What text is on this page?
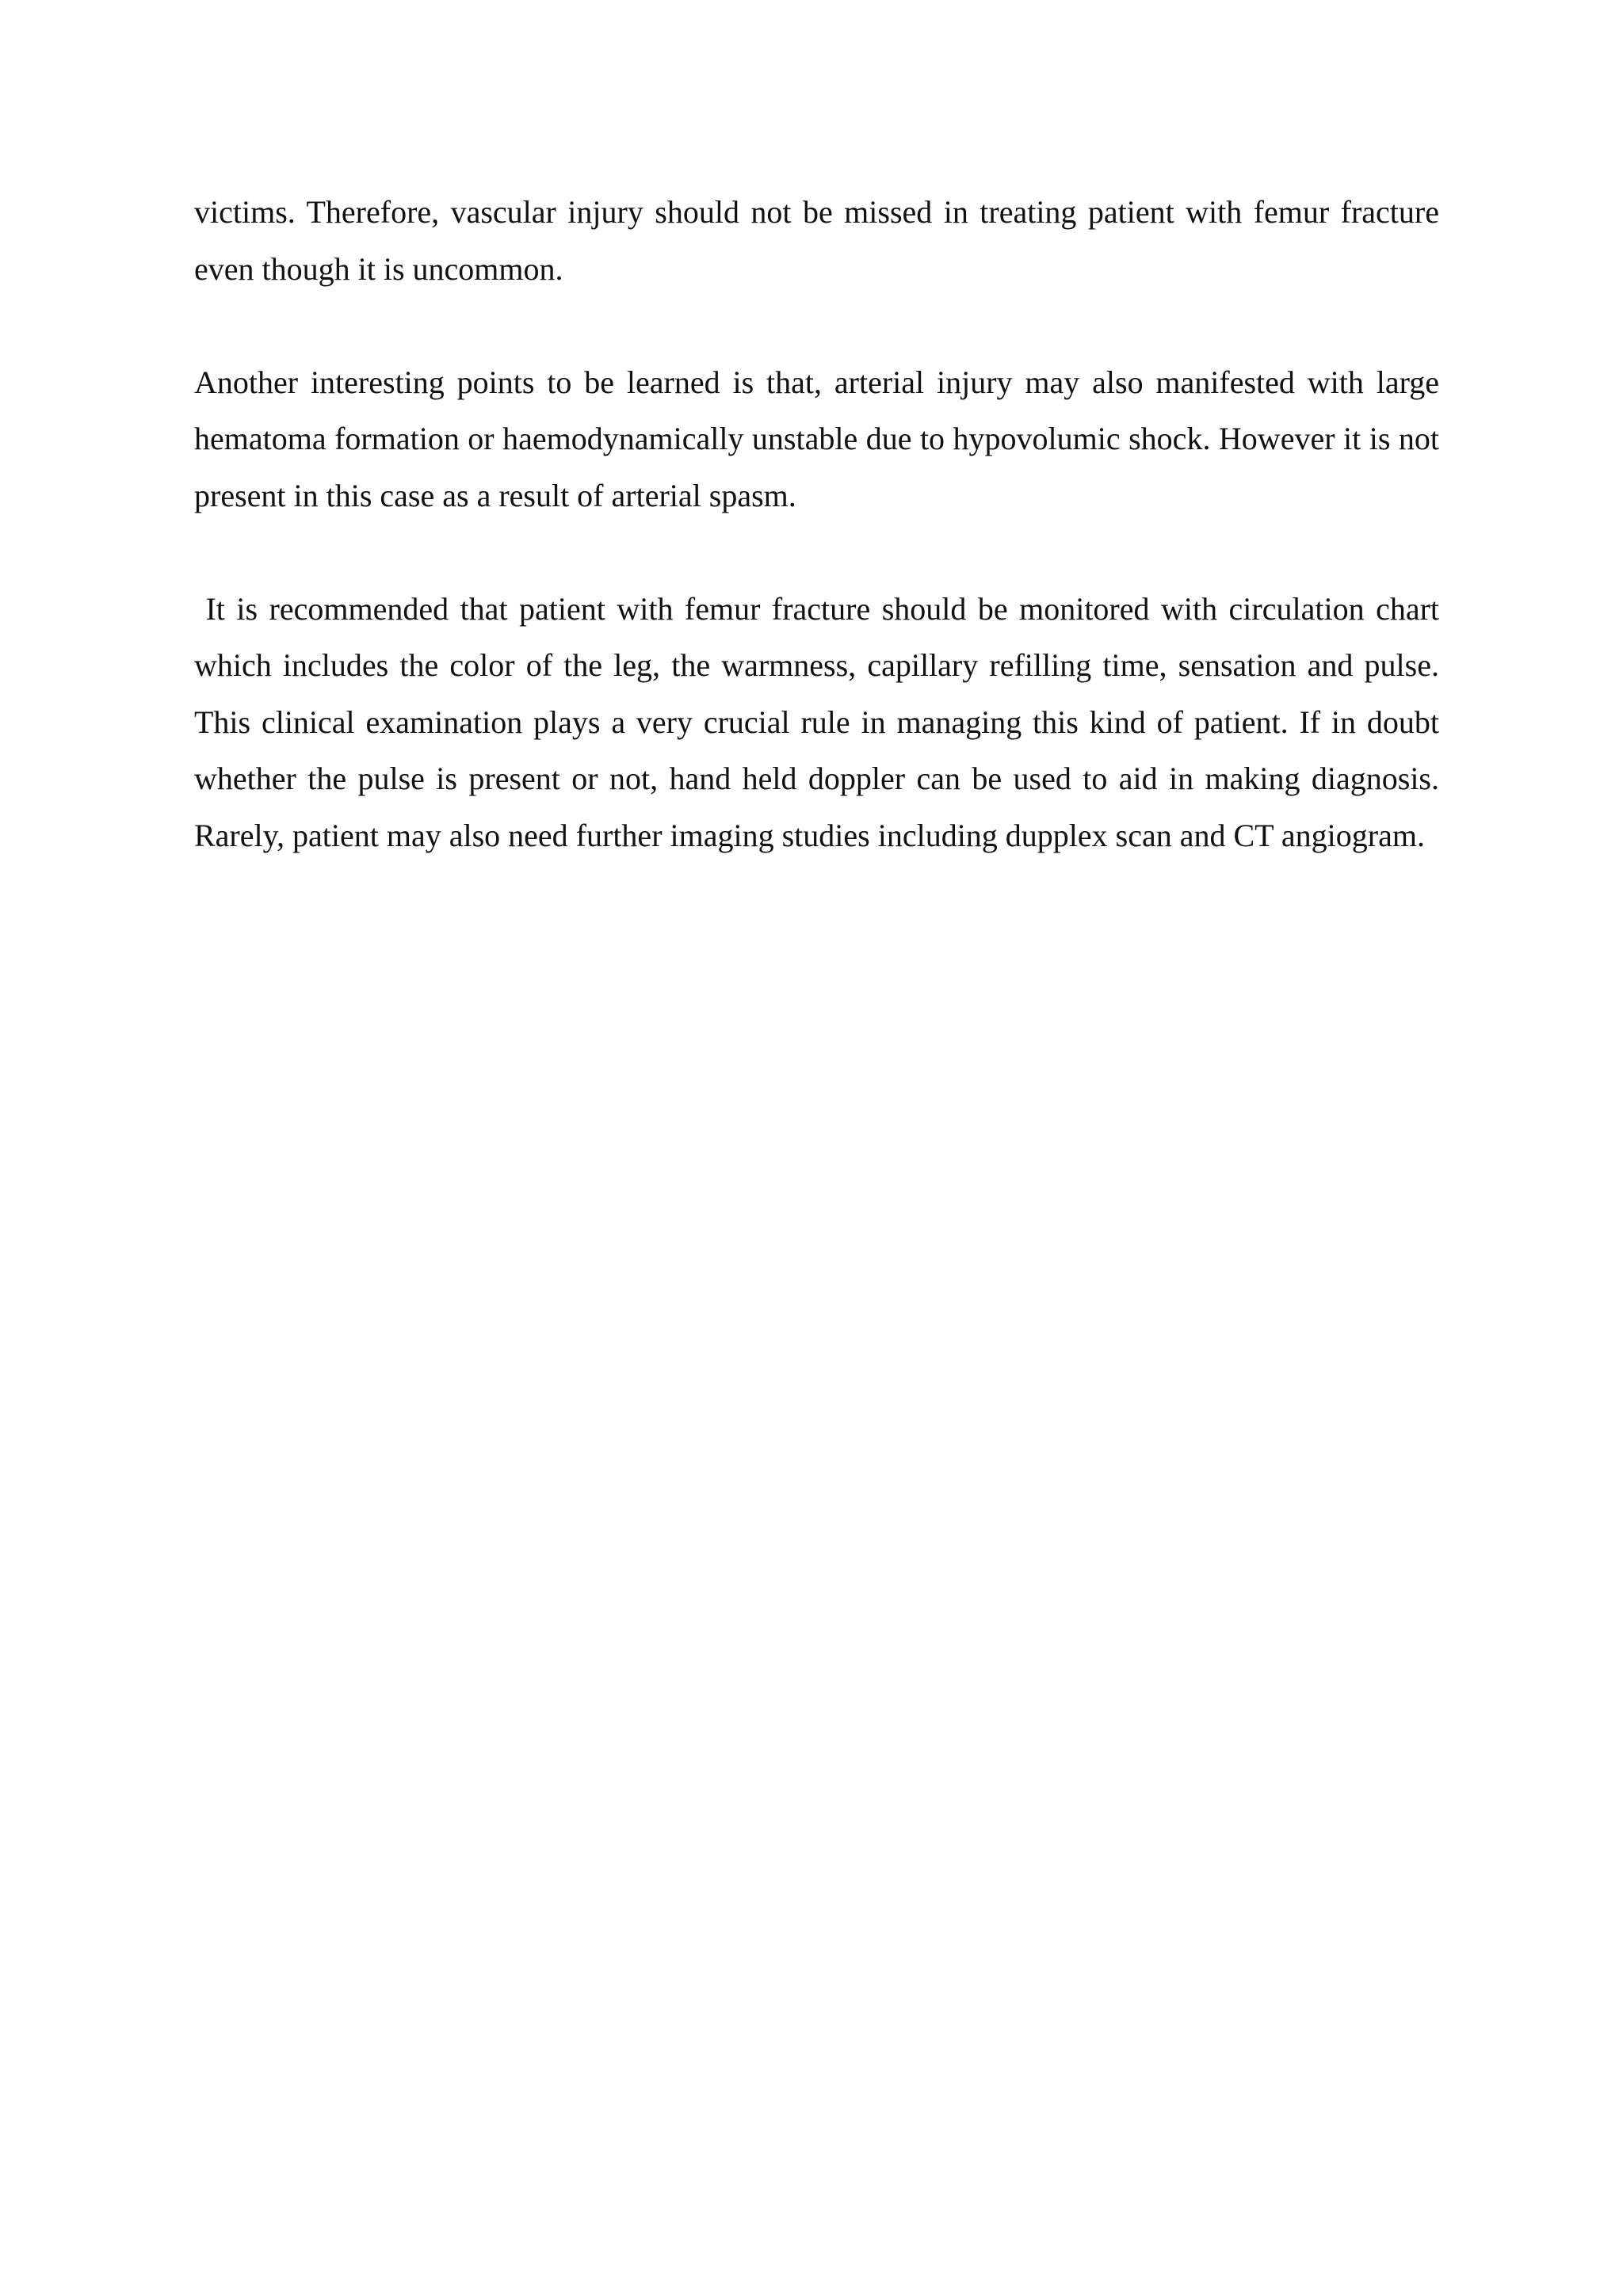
victims. Therefore, vascular injury should not be missed in treating patient with femur fracture even though it is uncommon.

Another interesting points to be learned is that, arterial injury may also manifested with large hematoma formation or haemodynamically unstable due to hypovolumic shock. However it is not present in this case as a result of arterial spasm.

It is recommended that patient with femur fracture should be monitored with circulation chart which includes the color of the leg, the warmness, capillary refilling time, sensation and pulse. This clinical examination plays a very crucial rule in managing this kind of patient. If in doubt whether the pulse is present or not, hand held doppler can be used to aid in making diagnosis. Rarely, patient may also need further imaging studies including dupplex scan and CT angiogram.
